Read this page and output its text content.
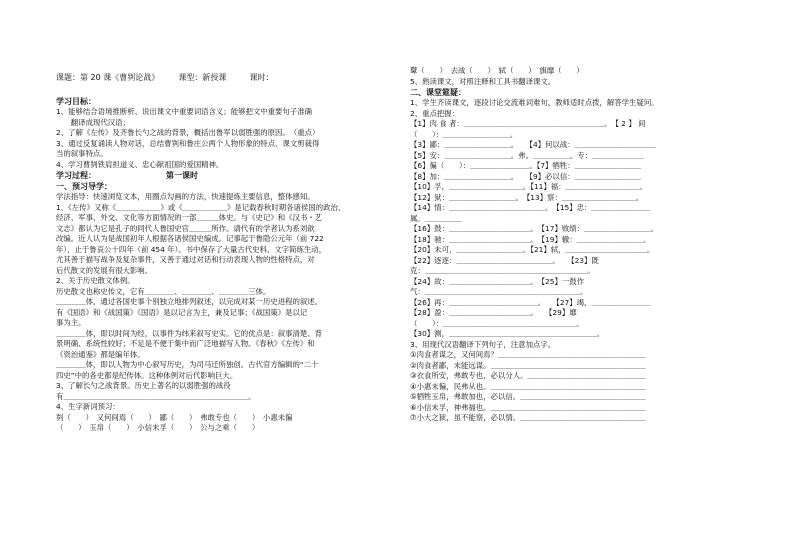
课题：第 20 课《曹刿论战》 课型：新授课	课时：
学习目标：
1、能够结合语境推断析、说出课文中重要词语含义；能够把文中重要句子准确
　　翻译成现代汉语；
2、了解《左传》及齐鲁长勺之战的背景，概括出鲁军以弱胜强的原因。　（重点）
3、通过反复诵读人物对话，总结曹刿和鲁庄公两个人物形象的特点、课文剪裁得
当的叙事特点。
4、学习曹刿铁肩担道义、忠心献祖国的爱国精神。
学习过程：	第一课时
一、预习导学：
学法指导：快速浏览文本，用圈点勾画的方法，快速提炼主要信息，整体感知。
1、《左传》又称《＿＿＿＿＿＿》或《＿＿＿＿＿＿》是记载春秋时期各诸侯国的政治、
经济、军事、外交、文化等方面情况的一部＿＿＿体史。与《史记》和《汉书・艺
文志》都认为它是孔子的同代人鲁国史官＿＿＿所作。请代有的学者认为系刘歆
改编。近人认为是战国初年人根据各诸侯国史编成。记事起于鲁隐公元年（前 722
年），止于鲁哀公十四年（前 454 年）。书中保存了大量古代史料，文字简练生动，
尤其善于描写战争及复杂事件，又善于通过对话和行动表现人物的性格特点，对
后代散文的发展有很大影响。
2、关于历史散文体例。
历史散文也称史传文，它有＿＿＿＿、＿＿＿＿、＿＿＿＿三体。
＿＿＿＿体，通过各国史事个别独立地排列叙述，以完成对某一历史进程的叙述。
有《国语》和《战国策》《国语》是以记言为主，兼及记事；《战国策》是以记
事为主。
＿＿＿＿体，即以时间为经，以事件为纬来叙写史实。它的优点是：叙事清楚、背
景明确、系统性较好；不足是不便于集中而广泛地描写人物。《春秋》《左传》和
《资治通鉴》都是编年体。
＿＿＿＿体，即以人物为中心叙写历史，为司马迁所独创。古代官方编辑的“二十
四史”中的各史都是纪传体。这种体例对后代影响巨大。
3、了解长勺之战背景。历史上著名的以弱胜强的战役
有＿＿＿＿＿＿＿＿＿＿＿＿＿＿＿＿＿＿＿＿＿＿＿＿＿。
4、生字新词预习：
刿（　　）　又何间焉（　　）　鄙（　　）　弗敢专也（　　）　小惠未徧
（　　）　玉帛（　　）　小信未孚（　　）　公与之乘（　　）
鼙（　　）　去战（　　）　轼（　　）　旗靡（　　）
5、熟读课文，对照注释和工具书翻译课文。
二、课堂筵疑：
1、学生齐读课文，逐段讨论交流难词难句，教师适时点拨，解答学生疑问。
2、重点把握：
【1】肉 食 者：＿＿＿＿＿＿＿＿＿＿＿＿＿＿＿＿＿＿＿。　【 2 】 间
（　　）：＿＿＿＿＿＿＿＿＿。
【3】鄙：＿＿＿＿＿＿＿＿＿。　　【4】何以战：＿＿＿＿＿＿＿＿＿＿＿
【5】安：＿＿＿＿＿＿＿＿＿。弗。＿＿＿＿＿。专：＿＿＿＿＿＿＿
【6】徧（　　）：＿＿＿＿＿＿＿＿。【7】牺牲：＿＿＿＿＿＿＿＿＿
【8】加：＿＿＿＿＿＿＿＿＿。　　【9】必以信：＿＿＿＿＿＿＿＿＿
【10】孚，＿＿＿＿＿＿＿＿＿＿。【11】福：＿＿＿＿＿＿＿＿＿＿。
【12】狱：＿＿＿＿＿＿＿＿＿。　【13】察：＿＿＿＿＿＿＿＿＿＿。
【14】情：＿＿＿＿＿＿＿＿＿＿＿＿＿。　【15】忠：＿＿＿＿＿＿＿＿
属。＿＿＿＿＿
【16】鼓：＿＿＿＿＿＿＿＿＿＿＿。　【17】败绩：＿＿＿＿＿＿＿＿＿。
【18】驰：＿＿＿＿＿＿＿＿＿＿＿。　【19】辙：＿＿＿＿＿＿＿＿＿。
【20】未可，＿＿＿＿＿＿＿＿＿。【21】轼，＿＿＿＿＿＿＿＿＿＿＿。
【22】逐逐：＿＿＿＿＿＿＿＿＿＿＿＿＿。　　【23】既
克：＿＿＿＿＿＿＿＿＿＿＿＿＿＿＿＿＿＿＿＿＿＿。
【24】故：＿＿＿＿＿＿＿＿＿＿＿。　【25】一鼓作
气：＿＿＿＿＿＿＿＿＿＿＿＿＿＿＿＿＿＿＿＿＿。
【26】再：＿＿＿＿＿＿＿＿＿＿＿＿。　　【27】竭，＿＿＿＿＿＿＿＿
【28】盈：＿＿＿＿＿＿＿＿＿＿＿。　　【29】靡
（　　）：＿＿＿＿＿＿＿＿＿＿＿＿＿＿＿＿＿＿。
【30】测，＿＿＿＿＿＿＿＿＿＿＿＿＿＿＿＿＿＿＿＿。
3、用现代汉语翻译下列句子，注意加点字。
①肉食者谋之，又何间焉？＿＿＿＿＿＿＿＿＿＿＿＿＿＿＿＿＿＿＿＿
②肉食者鄙，未能远谋。＿＿＿＿＿＿＿＿＿＿＿＿＿＿＿＿＿＿＿＿＿
③衣食所安，弗敢专也，必以分人。＿＿＿＿＿＿＿＿＿＿＿＿＿＿＿＿
④小惠未徧，民弗从也。＿＿＿＿＿＿＿＿＿＿＿＿＿＿＿＿＿＿＿＿＿
⑤牺牲玉帛，弗敢加也，必以信。＿＿＿＿＿＿＿＿＿＿＿＿＿＿＿＿＿
⑥小信未孚，神弗福也。＿＿＿＿＿＿＿＿＿＿＿＿＿＿＿＿＿＿＿＿＿
⑦小大之狱，虽不能察，必以情。＿＿＿＿＿＿＿＿＿＿＿＿＿＿＿＿＿
